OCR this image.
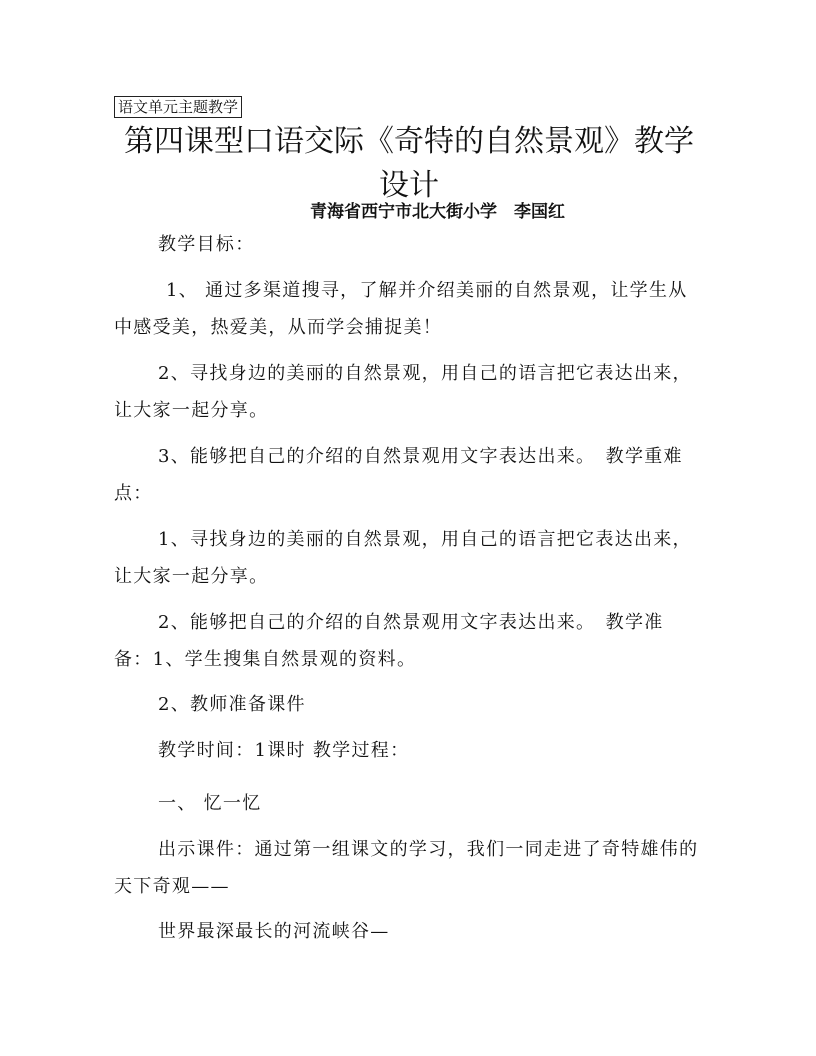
语文单元主题教学
第四课型口语交际《奇特的自然景观》教学设计
青海省西宁市北大街小学　李国红

教学目标：

1、 通过多渠道搜寻，了解并介绍美丽的自然景观，让学生从中感受美，热爱美，从而学会捕捉美！

2、寻找身边的美丽的自然景观，用自己的语言把它表达出来，让大家一起分享。

3、能够把自己的介绍的自然景观用文字表达出来。　教学重难点：

1、寻找身边的美丽的自然景观，用自己的语言把它表达出来，让大家一起分享。

2、能够把自己的介绍的自然景观用文字表达出来。　教学准备：1、学生搜集自然景观的资料。

2、教师准备课件

教学时间：1课时 教学过程：

一、 忆一忆

出示课件：通过第一组课文的学习，我们一同走进了奇特雄伟的天下奇观——

世界最深最长的河流峡谷—
